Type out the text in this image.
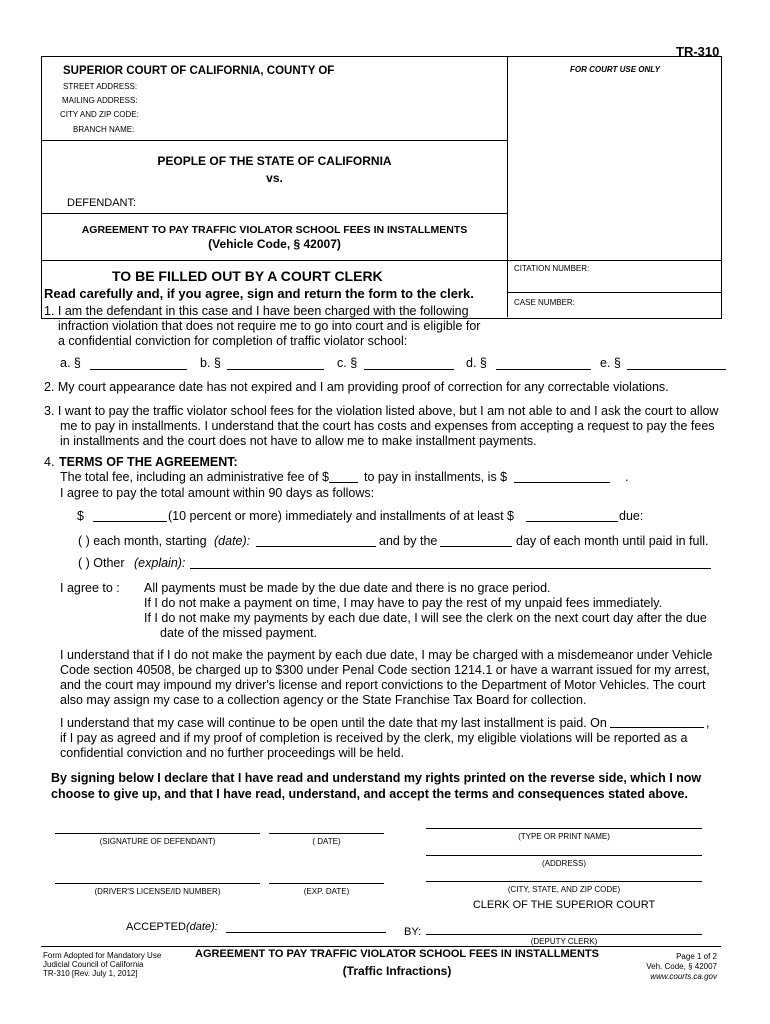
TR-310
SUPERIOR COURT OF CALIFORNIA, COUNTY OF
STREET ADDRESS:
MAILING ADDRESS:
CITY AND ZIP CODE:
BRANCH NAME:
FOR COURT USE ONLY
PEOPLE OF THE STATE OF CALIFORNIA
vs.
DEFENDANT:
AGREEMENT TO PAY TRAFFIC VIOLATOR SCHOOL FEES IN INSTALLMENTS
(Vehicle Code, § 42007)
CITATION NUMBER:
CASE NUMBER:
TO BE FILLED OUT BY A COURT CLERK
Read carefully and, if you agree, sign and return the form to the clerk.
1. I am the defendant in this case and I have been charged with the following
infraction violation that does not require me to go into court and is eligible for
a confidential conviction for completion of traffic violator school:
a. §	b. §	c. §	d. §	e. §
2. My court appearance date has not expired and I am providing proof of correction for any correctable violations.
3. I want to pay the traffic violator school fees for the violation listed above, but I am not able to and I ask the court to allow
me to pay in installments. I understand that the court has costs and expenses from accepting a request to pay the fees
in installments and the court does not have to allow me to make installment payments.
4. TERMS OF THE AGREEMENT:
The total fee, including an administrative fee of $	to pay in installments, is $	.
I agree to pay the total amount within 90 days as follows:
$	(10 percent or more) immediately and installments of at least $	due:
( ) each month, starting (date):	and by the	day of each month until paid in full.
( ) Other (explain):
I agree to : All payments must be made by the due date and there is no grace period.
If I do not make a payment on time, I may have to pay the rest of my unpaid fees immediately.
If I do not make my payments by each due date, I will see the clerk on the next court day after the due
date of the missed payment.
I understand that if I do not make the payment by each due date, I may be charged with a misdemeanor under Vehicle
Code section 40508, be charged up to $300 under Penal Code section 1214.1 or have a warrant issued for my arrest,
and the court may impound my driver's license and report convictions to the Department of Motor Vehicles. The court
also may assign my case to a collection agency or the State Franchise Tax Board for collection.
I understand that my case will continue to be open until the date that my last installment is paid. On	,
if I pay as agreed and if my proof of completion is received by the clerk, my eligible violations will be reported as a
confidential conviction and no further proceedings will be held.
By signing below I declare that I have read and understand my rights printed on the reverse side, which I now
choose to give up, and that I have read, understand, and accept the terms and consequences stated above.
(SIGNATURE OF DEFENDANT)	( DATE)
(TYPE OR PRINT NAME)
(ADDRESS)
(DRIVER'S LICENSE/ID NUMBER)	(EXP. DATE)	(CITY, STATE, AND ZIP CODE)
CLERK OF THE SUPERIOR COURT
ACCEPTED (date):	BY:
(DEPUTY CLERK)
Form Adopted for Mandatory Use
Judicial Council of California
TR-310 [Rev. July 1, 2012]
AGREEMENT TO PAY TRAFFIC VIOLATOR SCHOOL FEES IN INSTALLMENTS
(Traffic Infractions)
Page 1 of 2
Veh. Code, § 42007
www.courts.ca.gov
